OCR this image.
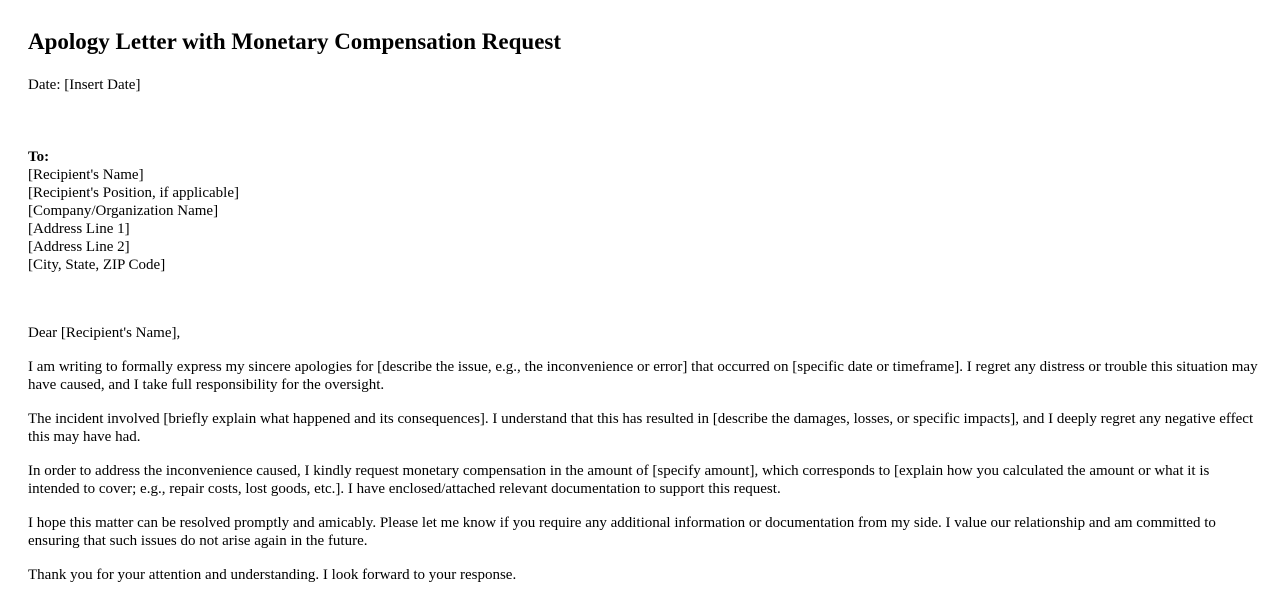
Apology Letter with Monetary Compensation Request
Date: [Insert Date]
To:
[Recipient's Name]
[Recipient's Position, if applicable]
[Company/Organization Name]
[Address Line 1]
[Address Line 2]
[City, State, ZIP Code]
Dear [Recipient's Name],

I am writing to formally express my sincere apologies for [describe the issue, e.g., the inconvenience or error] that occurred on [specific date or timeframe]. I regret any distress or trouble this situation may have caused, and I take full responsibility for the oversight.

The incident involved [briefly explain what happened and its consequences]. I understand that this has resulted in [describe the damages, losses, or specific impacts], and I deeply regret any negative effect this may have had.

In order to address the inconvenience caused, I kindly request monetary compensation in the amount of [specify amount], which corresponds to [explain how you calculated the amount or what it is intended to cover; e.g., repair costs, lost goods, etc.]. I have enclosed/attached relevant documentation to support this request.

I hope this matter can be resolved promptly and amicably. Please let me know if you require any additional information or documentation from my side. I value our relationship and am committed to ensuring that such issues do not arise again in the future.

Thank you for your attention and understanding. I look forward to your response.
